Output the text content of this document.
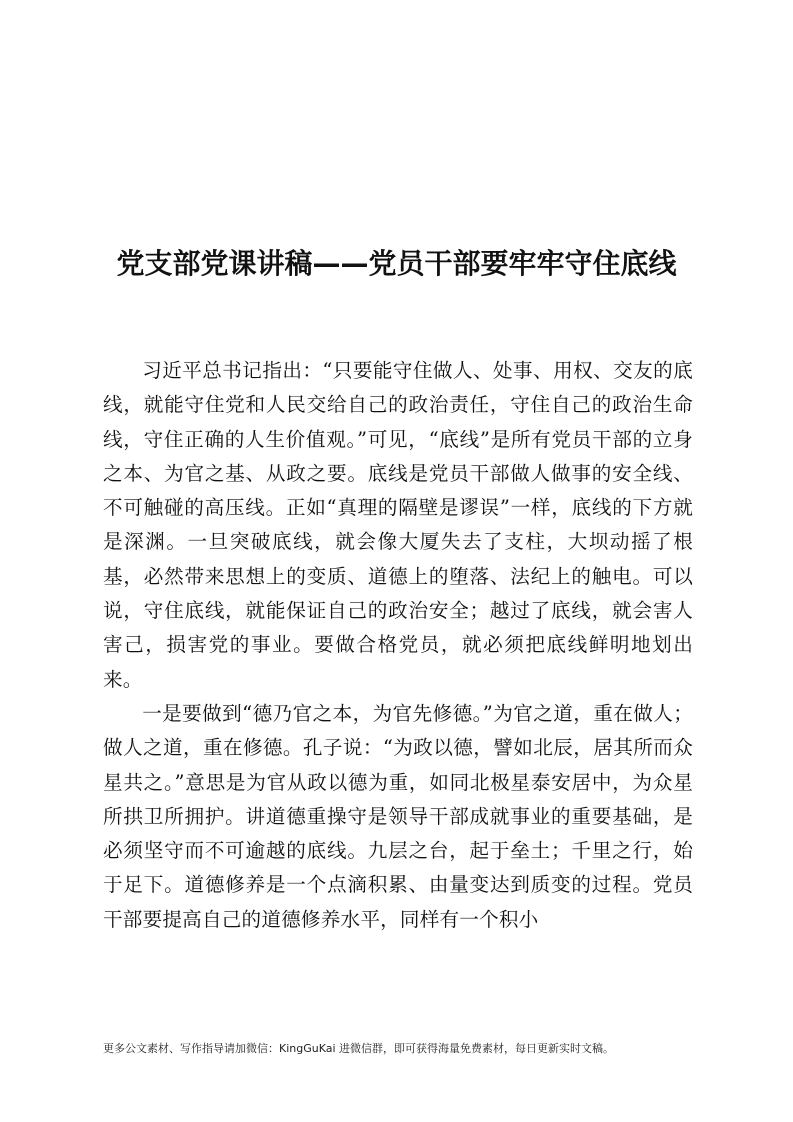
党支部党课讲稿——党员干部要牢牢守住底线

习近平总书记指出：“只要能守住做人、处事、用权、交友的底线，就能守住党和人民交给自己的政治责任，守住自己的政治生命线，守住正确的人生价值观。”可见，“底线”是所有党员干部的立身之本、为官之基、从政之要。底线是党员干部做人做事的安全线、不可触碰的高压线。正如“真理的隔壁是谬误”一样，底线的下方就是深渊。一旦突破底线，就会像大厦失去了支柱，大坝动摇了根基，必然带来思想上的变质、道德上的堕落、法纪上的触电。可以说，守住底线，就能保证自己的政治安全；越过了底线，就会害人害己，损害党的事业。要做合格党员，就必须把底线鲜明地划出来。

一是要做到“德乃官之本，为官先修德。”为官之道，重在做人；做人之道，重在修德。孔子说：“为政以德，譬如北辰，居其所而众星共之。”意思是为官从政以德为重，如同北极星泰安居中，为众星所拱卫所拥护。讲道德重操守是领导干部成就事业的重要基础，是必须坚守而不可逾越的底线。九层之台，起于垒土；千里之行，始于足下。道德修养是一个点滴积累、由量变达到质变的过程。党员干部要提高自己的道德修养水平，同样有一个积小

更多公文素材、写作指导请加微信：KingGuKai 进微信群，即可获得海量免费素材，每日更新实时文稿。
